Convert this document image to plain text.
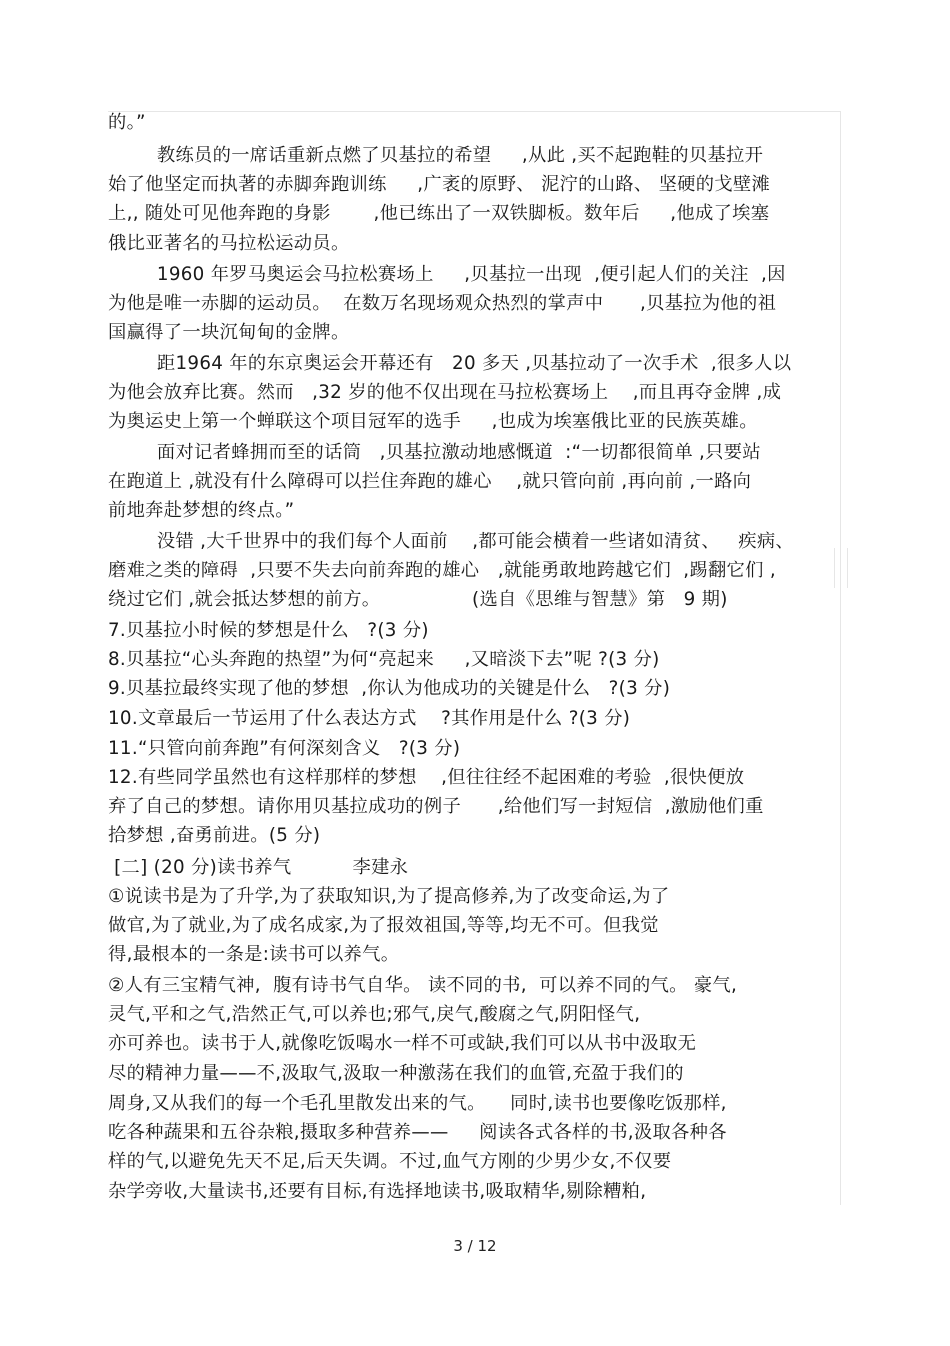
的。”
教练员的一席话重新点燃了贝基拉的希望     ,从此 ,买不起跑鞋的贝基拉开
始了他坚定而执著的赤脚奔跑训练     ,广袤的原野、 泥泞的山路、 坚硬的戈壁滩
上,, 随处可见他奔跑的身影       ,他已练出了一双铁脚板。数年后     ,他成了埃塞
俄比亚著名的马拉松运动员。
1960 年罗马奥运会马拉松赛场上     ,贝基拉一出现  ,便引起人们的关注  ,因
为他是唯一赤脚的运动员。  在数万名现场观众热烈的掌声中      ,贝基拉为他的祖
国赢得了一块沉甸甸的金牌。
距1964 年的东京奥运会开幕还有   20 多天 ,贝基拉动了一次手术  ,很多人以
为他会放弃比赛。然而   ,32 岁的他不仅出现在马拉松赛场上    ,而且再夺金牌 ,成
为奥运史上第一个蝉联这个项目冠军的选手     ,也成为埃塞俄比亚的民族英雄。
面对记者蜂拥而至的话筒   ,贝基拉激动地感慨道  :“一切都很简单 ,只要站
在跑道上 ,就没有什么障碍可以拦住奔跑的雄心    ,就只管向前 ,再向前 ,一路向
前地奔赴梦想的终点。”
没错 ,大千世界中的我们每个人面前    ,都可能会横着一些诸如清贫、   疾病、
磨难之类的障碍  ,只要不失去向前奔跑的雄心   ,就能勇敢地跨越它们  ,踢翻它们 ,
绕过它们 ,就会抵达梦想的前方。               (选自《思维与智慧》第   9 期)
7.贝基拉小时候的梦想是什么   ?(3 分)
8.贝基拉“心头奔跑的热望”为何“亮起来     ,又暗淡下去”呢 ?(3 分)
9.贝基拉最终实现了他的梦想  ,你认为他成功的关键是什么   ?(3 分)
10.文章最后一节运用了什么表达方式    ?其作用是什么 ?(3 分)
11.“只管向前奔跑”有何深刻含义   ?(3 分)
12.有些同学虽然也有这样那样的梦想    ,但往往经不起困难的考验  ,很快便放
弃了自己的梦想。请你用贝基拉成功的例子      ,给他们写一封短信  ,激励他们重
拾梦想 ,奋勇前进。(5 分)
[二] (20 分)读书养气          李建永
①说读书是为了升学,为了获取知识,为了提高修养,为了改变命运,为了
做官,为了就业,为了成名成家,为了报效祖国,等等,均无不可。但我觉
得,最根本的一条是:读书可以养气。
②人有三宝精气神,  腹有诗书气自华。 读不同的书,  可以养不同的气。 豪气,
灵气,平和之气,浩然正气,可以养也;邪气,戾气,酸腐之气,阴阳怪气,
亦可养也。读书于人,就像吃饭喝水一样不可或缺,我们可以从书中汲取无
尽的精神力量——不,汲取气,汲取一种激荡在我们的血管,充盈于我们的
周身,又从我们的每一个毛孔里散发出来的气。    同时,读书也要像吃饭那样,
吃各种蔬果和五谷杂粮,摄取多种营养——     阅读各式各样的书,汲取各种各
样的气,以避免先天不足,后天失调。不过,血气方刚的少男少女,不仅要
杂学旁收,大量读书,还要有目标,有选择地读书,吸取精华,剔除糟粕,
3 / 12
